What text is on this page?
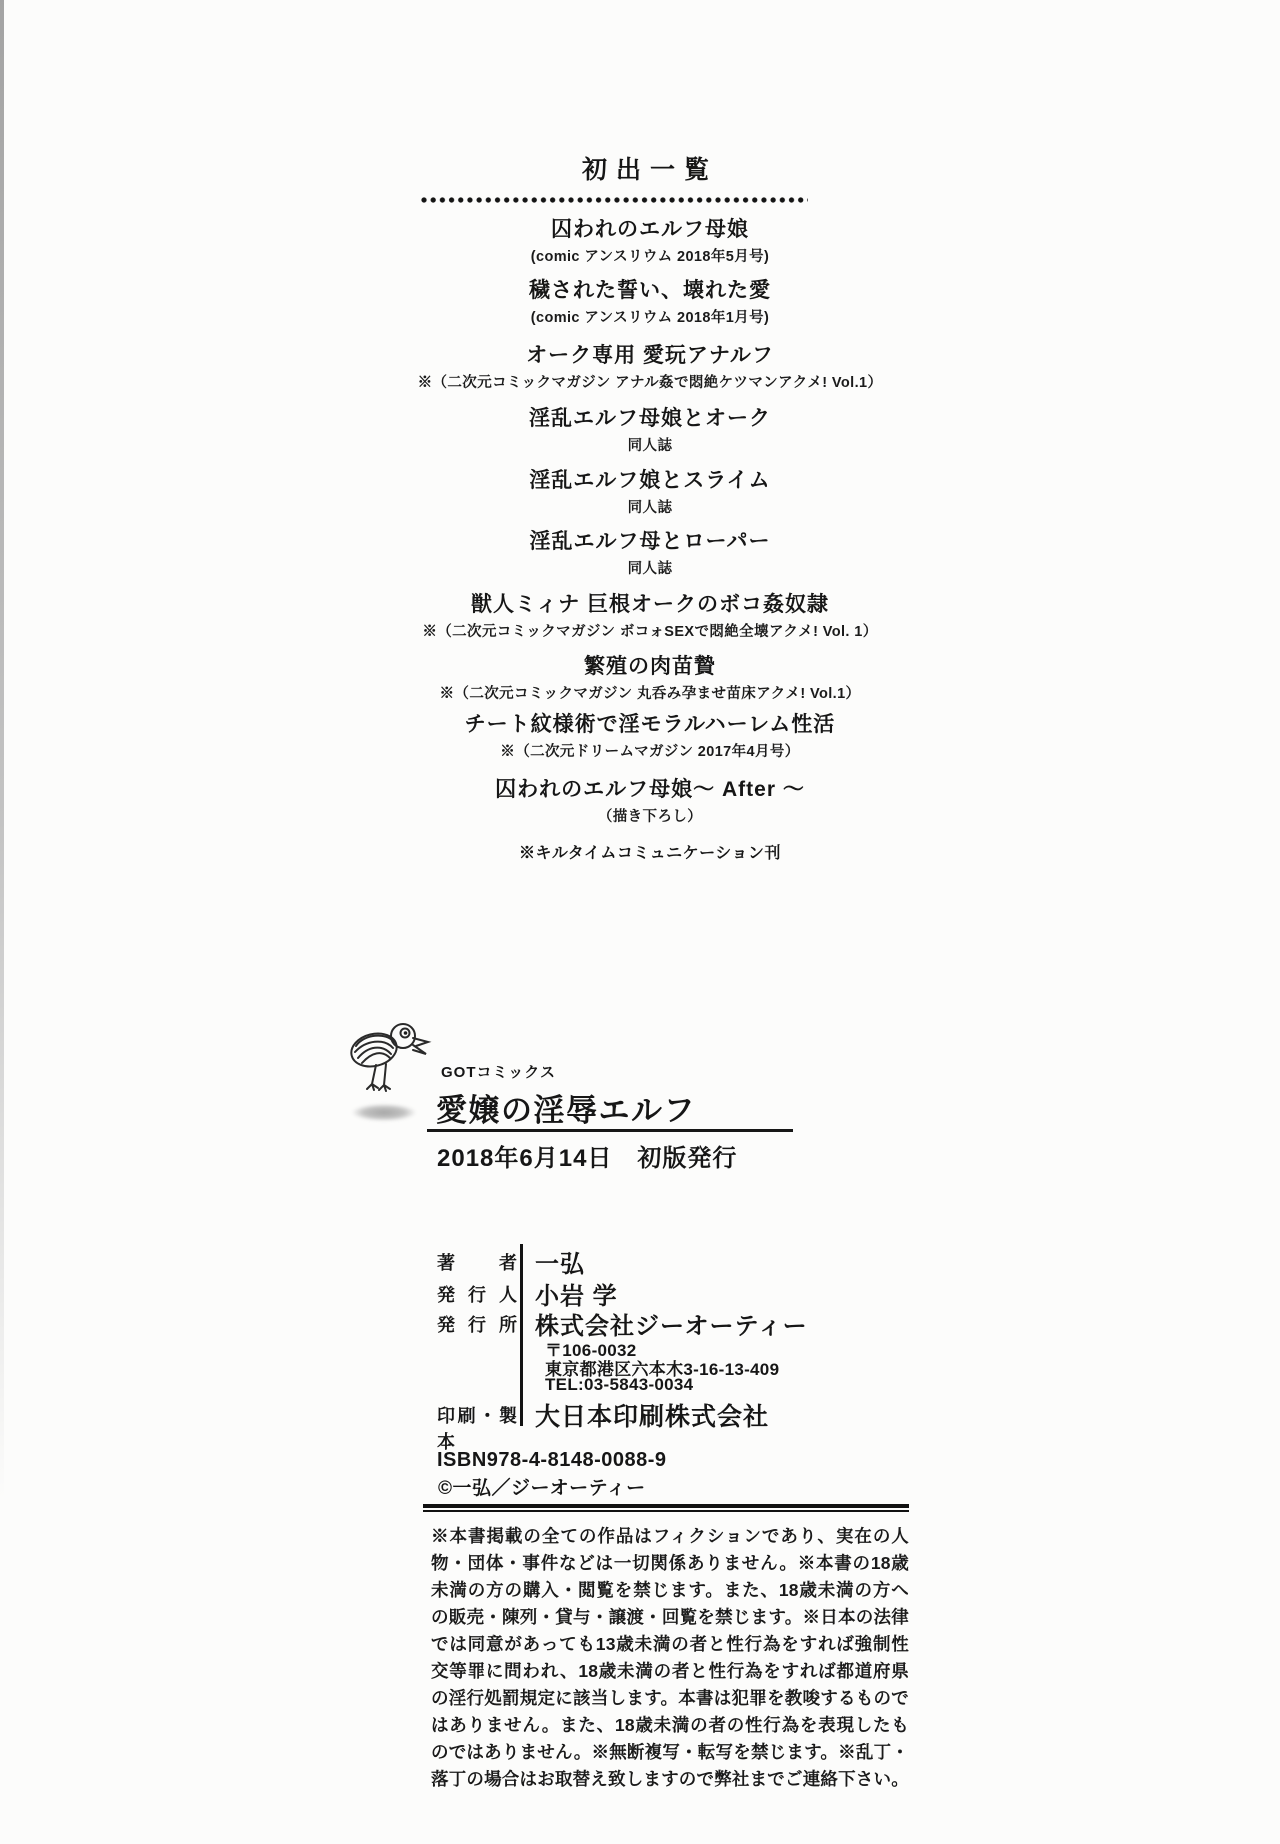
初出一覧
囚われのエルフ母娘
(comic アンスリウム 2018年5月号)
穢された誓い、壊れた愛
(comic アンスリウム 2018年1月号)
オーク専用 愛玩アナルフ
※（二次元コミックマガジン アナル姦で悶絶ケツマンアクメ! Vol.1）
淫乱エルフ母娘とオーク
同人誌
淫乱エルフ娘とスライム
同人誌
淫乱エルフ母とローパー
同人誌
獣人ミィナ 巨根オークのボコ姦奴隷
※（二次元コミックマガジン ボコォSEXで悶絶全壊アクメ! Vol. 1）
繁殖の肉苗贄
※（二次元コミックマガジン 丸呑み孕ませ苗床アクメ! Vol.1）
チート紋様術で淫モラルハーレム性活
※（二次元ドリームマガジン 2017年4月号）
囚われのエルフ母娘～ After ～
（描き下ろし）
※キルタイムコミュニケーション刊
GOTコミックス
愛嬢の淫辱エルフ
2018年6月14日　初版発行
著者 一弘
発行人 小岩 学
発行所 株式会社ジーオーティー
〒106-0032
東京都港区六本木3-16-13-409
TEL:03-5843-0034
印刷・製本
大日本印刷株式会社
ISBN978-4-8148-0088-9
©一弘／ジーオーティー
※本書掲載の全ての作品はフィクションであり、実在の人物・団体・事件などは一切関係ありません。※本書の18歳未満の方の購入・閲覧を禁じます。また、18歳未満の方への販売・陳列・貸与・譲渡・回覧を禁じます。※日本の法律では同意があっても13歳未満の者と性行為をすれば強制性交等罪に問われ、18歳未満の者と性行為をすれば都道府県の淫行処罰規定に該当します。本書は犯罪を教唆するものではありません。また、18歳未満の者の性行為を表現したものではありません。※無断複写・転写を禁じます。※乱丁・落丁の場合はお取替え致しますので弊社までご連絡下さい。
